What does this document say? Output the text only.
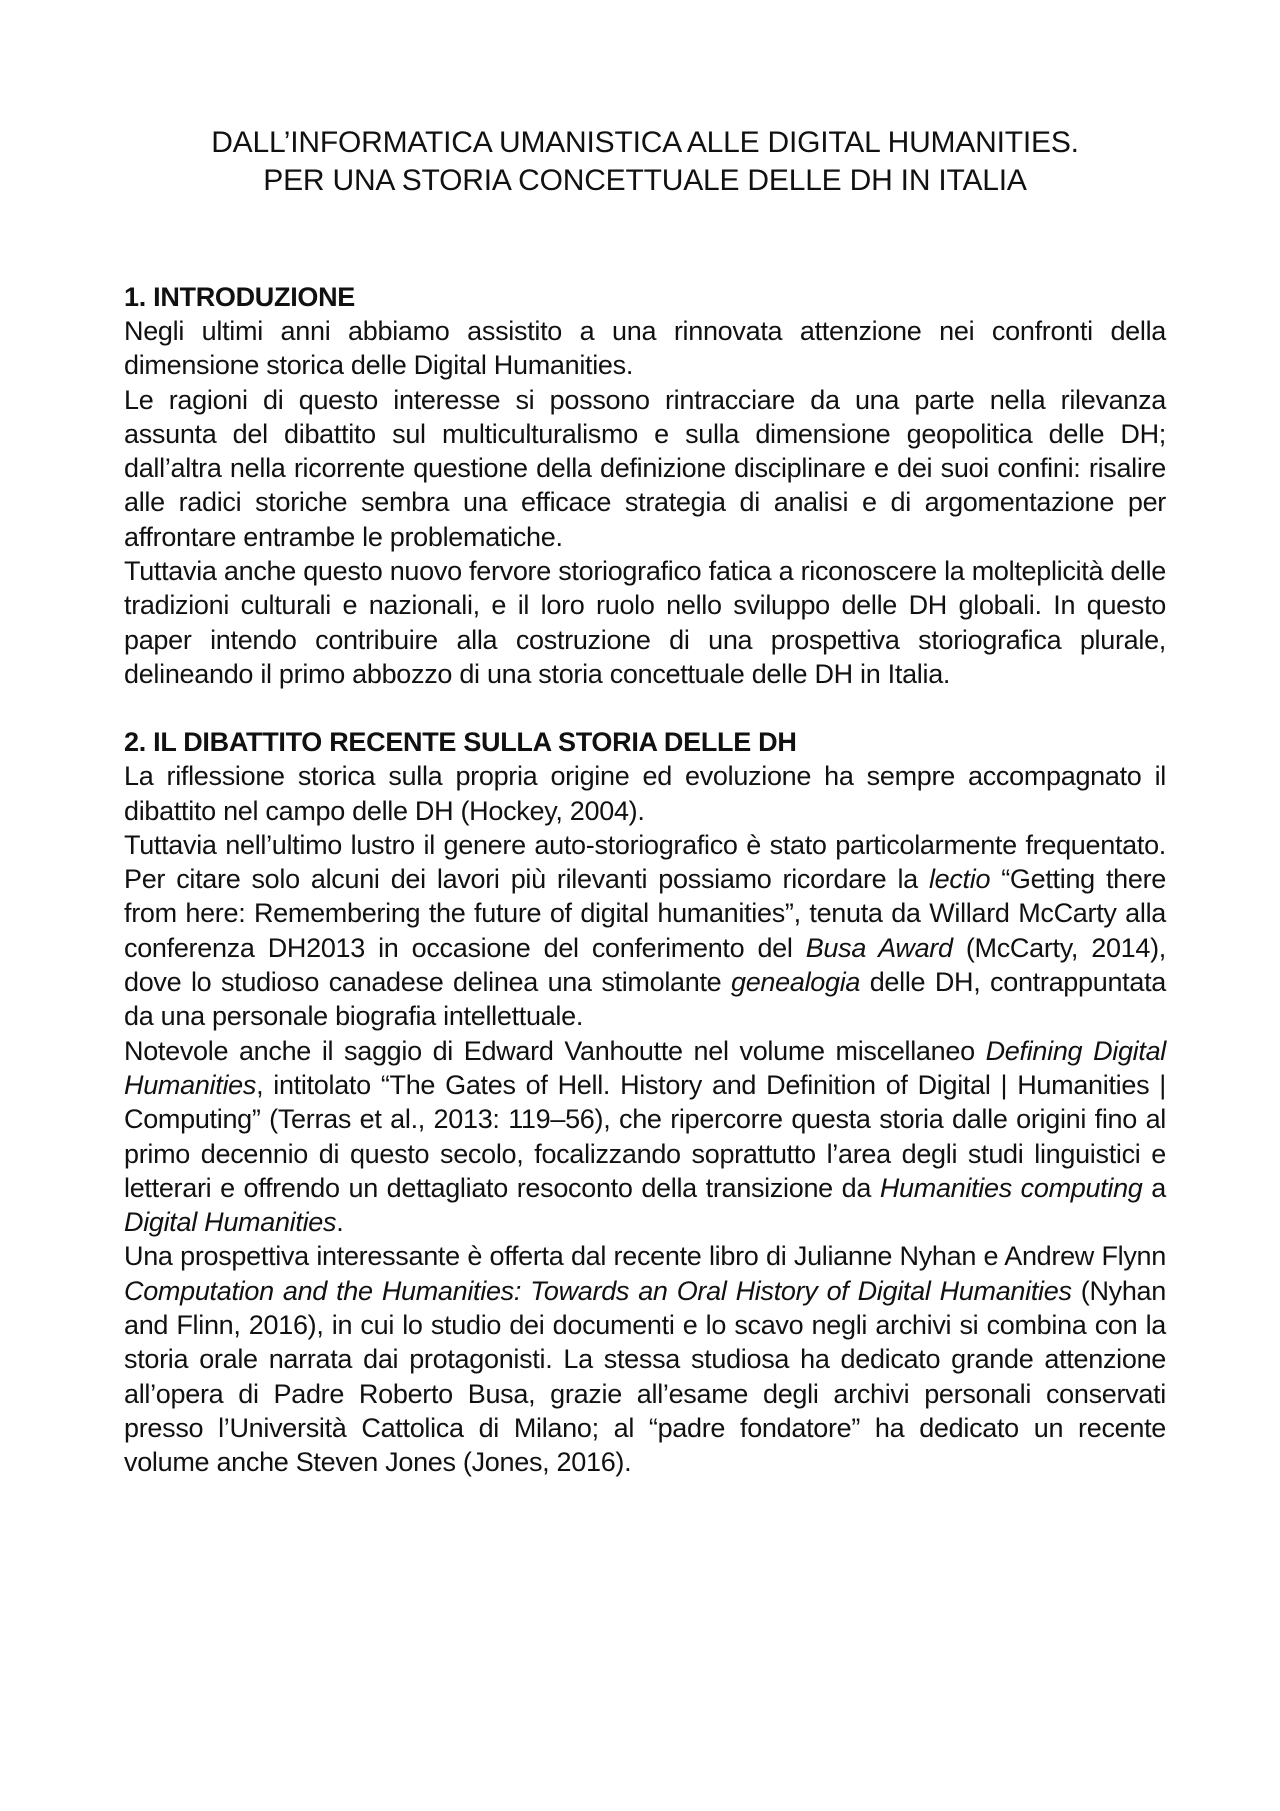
DALL’INFORMATICA UMANISTICA ALLE DIGITAL HUMANITIES.
PER UNA STORIA CONCETTUALE DELLE DH IN ITALIA
1. INTRODUZIONE

Negli ultimi anni abbiamo assistito a una rinnovata attenzione nei confronti della dimensione storica delle Digital Humanities.

Le ragioni di questo interesse si possono rintracciare da una parte nella rilevanza assunta del dibattito sul multiculturalismo e sulla dimensione geopolitica delle DH; dall’altra nella ricorrente questione della definizione disciplinare e dei suoi confini: risalire alle radici storiche sembra una efficace strategia di analisi e di argomentazione per affrontare entrambe le problematiche.

Tuttavia anche questo nuovo fervore storiografico fatica a riconoscere la molteplicità delle tradizioni culturali e nazionali, e il loro ruolo nello sviluppo delle DH globali. In questo paper intendo contribuire alla costruzione di una prospettiva storiografica plurale, delineando il primo abbozzo di una storia concettuale delle DH in Italia.

2. IL DIBATTITO RECENTE SULLA STORIA DELLE DH

La riflessione storica sulla propria origine ed evoluzione ha sempre accompagnato il dibattito nel campo delle DH (Hockey, 2004).

Tuttavia nell’ultimo lustro il genere auto-storiografico è stato particolarmente frequentato. Per citare solo alcuni dei lavori più rilevanti possiamo ricordare la lectio “Getting there from here: Remembering the future of digital humanities”, tenuta da Willard McCarty alla conferenza DH2013 in occasione del conferimento del Busa Award (McCarty, 2014), dove lo studioso canadese delinea una stimolante genealogia delle DH, contrappuntata da una personale biografia intellettuale.

Notevole anche il saggio di Edward Vanhoutte nel volume miscellaneo Defining Digital Humanities, intitolato “The Gates of Hell. History and Definition of Digital | Humanities | Computing” (Terras et al., 2013: 119–56), che ripercorre questa storia dalle origini fino al primo decennio di questo secolo, focalizzando soprattutto l’area degli studi linguistici e letterari e offrendo un dettagliato resoconto della transizione da Humanities computing a Digital Humanities.

Una prospettiva interessante è offerta dal recente libro di Julianne Nyhan e Andrew Flynn Computation and the Humanities: Towards an Oral History of Digital Humanities (Nyhan and Flinn, 2016), in cui lo studio dei documenti e lo scavo negli archivi si combina con la storia orale narrata dai protagonisti. La stessa studiosa ha dedicato grande attenzione all’opera di Padre Roberto Busa, grazie all’esame degli archivi personali conservati presso l’Università Cattolica di Milano; al “padre fondatore” ha dedicato un recente volume anche Steven Jones (Jones, 2016).
